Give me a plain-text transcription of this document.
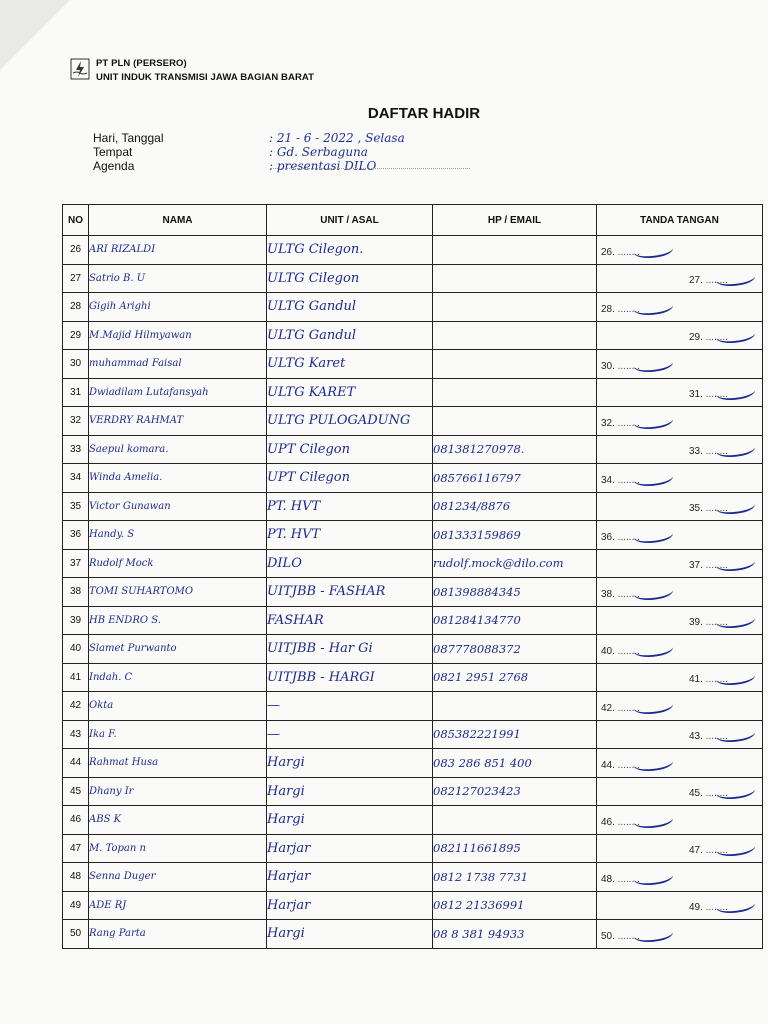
PT PLN (PERSERO)
UNIT INDUK TRANSMISI JAWA BAGIAN BARAT
DAFTAR HADIR
Hari, Tanggal	: 21 - 6 - 2022 , Selasa
Tempat	: Gd. Serbaguna
Agenda	: presentasi DILO
NO	NAMA	UNIT / ASAL	HP / EMAIL	TANDA TANGAN
26	ARI RIZALDI	ULTG Cilegon.		26. .....

27	Satrio B. U	ULTG Cilegon		27. .....

28	Gigih Arighi	ULTG Gandul		28. .....

29	M.Majid Hilmyawan	ULTG Gandul		29. .....

30	muhammad Faisal	ULTG Karet		30. .....

31	Dwiadilam Lutafansyah	ULTG KARET		31. .....

32	VERDRY RAHMAT	ULTG PULOGADUNG		32. .....

33	Saepul komara.	UPT Cilegon	081381270978.	33. .....

34	Winda Amelia.	UPT Cilegon	085766116797	34. .....

35	Victor Gunawan	PT. HVT	081234/8876	35. .....

36	Handy. S	PT. HVT	081333159869	36. .....

37	Rudolf Mock	DILO	rudolf.mock@dilo.com	37. .....

38	TOMI SUHARTOMO	UITJBB - FASHAR	081398884345	38. .....

39	HB ENDRO S.	FASHAR	081284134770	39. .....

40	Slamet Purwanto	UITJBB - Har Gi	087778088372	40. .....

41	Indah. C	UITJBB - HARGI	0821 2951 2768	41. .....

42	Okta	—		42. .....

43	Ika F.	—	085382221991	43. .....

44	Rahmat Husa	Hargi	083 286 851 400	44. .....

45	Dhany Ir	Hargi	082127023423	45. .....

46	ABS K	Hargi		46. .....

47	M. Topan n	Harjar	082111661895	47. .....

48	Senna Duger	Harjar	0812 1738 7731	48. .....

49	ADE RJ	Harjar	0812 21336991	49. .....

50	Rang Parta	Hargi	08 8 381 94933	50. .....
